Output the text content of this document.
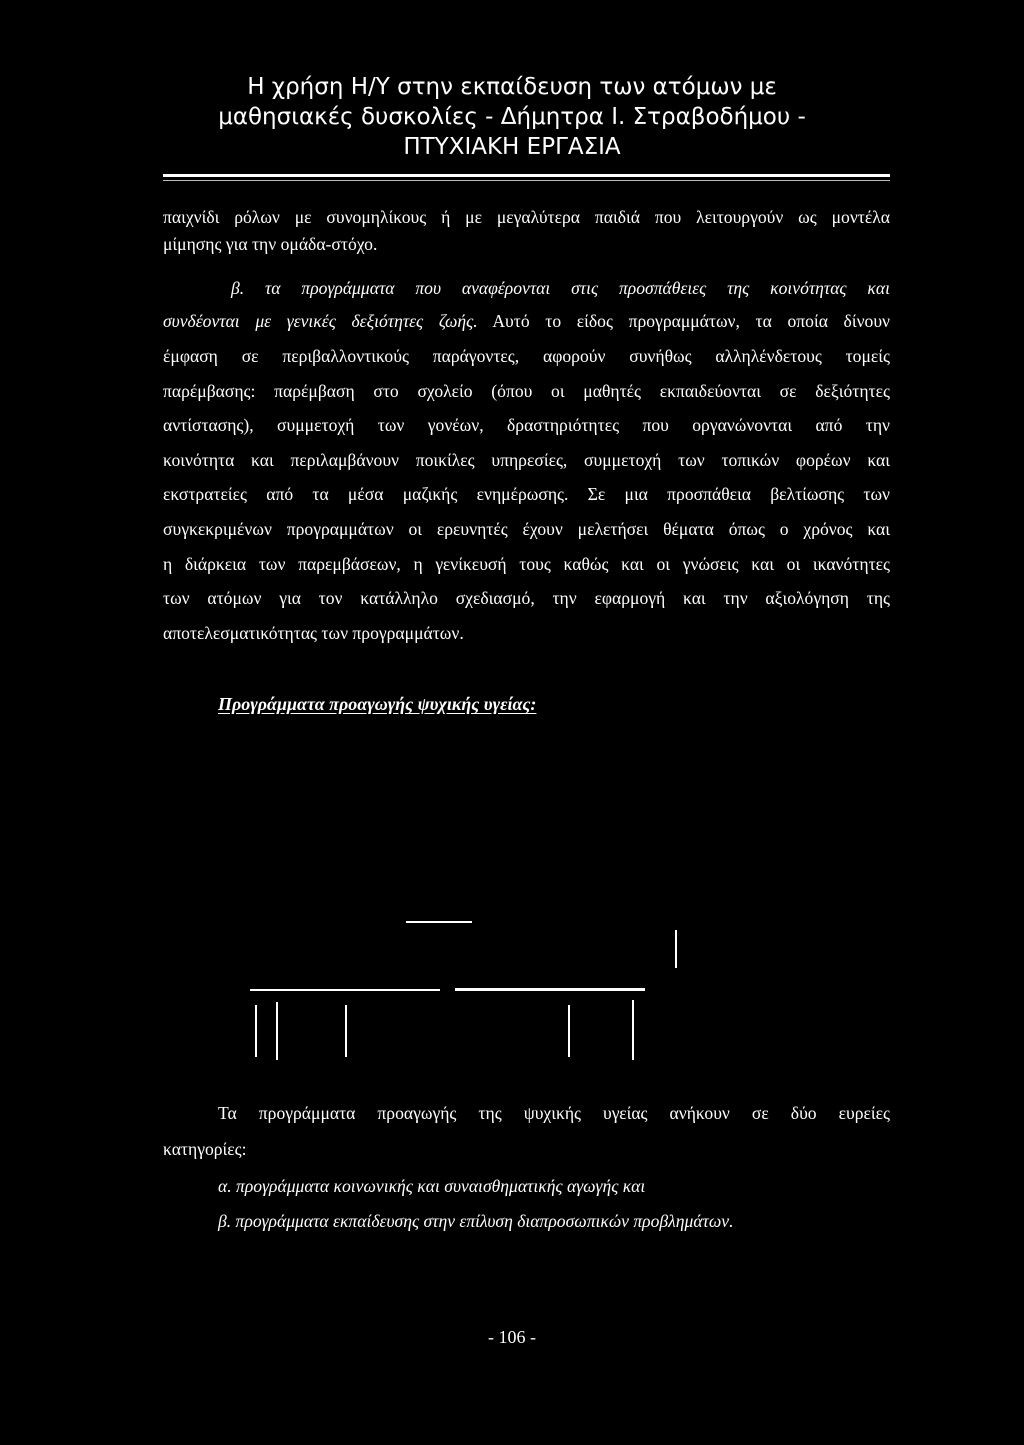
Η χρήση Η/Υ στην εκπαίδευση των ατόμων με
μαθησιακές δυσκολίες - Δήμητρα Ι. Στραβοδήμου -
ΠΤΥΧΙΑΚΗ ΕΡΓΑΣΙΑ
παιχνίδι ρόλων με συνομηλίκους ή με μεγαλύτερα παιδιά που λειτουργούν ως μοντέλα
μίμησης για την ομάδα-στόχο.
β. τα προγράμματα που αναφέρονται στις προσπάθειες της κοινότητας και
συνδέονται με γενικές δεξιότητες ζωής. Αυτό το είδος προγραμμάτων, τα οποία δίνουν
έμφαση σε περιβαλλοντικούς παράγοντες, αφορούν συνήθως αλληλένδετους τομείς
παρέμβασης: παρέμβαση στο σχολείο (όπου οι μαθητές εκπαιδεύονται σε δεξιότητες
αντίστασης), συμμετοχή των γονέων, δραστηριότητες που οργανώνονται από την
κοινότητα και περιλαμβάνουν ποικίλες υπηρεσίες, συμμετοχή των τοπικών φορέων και
εκστρατείες από τα μέσα μαζικής ενημέρωσης. Σε μια προσπάθεια βελτίωσης των
συγκεκριμένων προγραμμάτων οι ερευνητές έχουν μελετήσει θέματα όπως ο χρόνος και
η διάρκεια των παρεμβάσεων, η γενίκευσή τους καθώς και οι γνώσεις και οι ικανότητες
των ατόμων για τον κατάλληλο σχεδιασμό, την εφαρμογή και την αξιολόγηση της
αποτελεσματικότητας των προγραμμάτων.
Προγράμματα προαγωγής ψυχικής υγείας:
Τα προγράμματα προαγωγής της ψυχικής υγείας ανήκουν σε δύο ευρείες
κατηγορίες:
α. προγράμματα κοινωνικής και συναισθηματικής αγωγής και
β. προγράμματα εκπαίδευσης στην επίλυση διαπροσωπικών προβλημάτων.
- 106 -
